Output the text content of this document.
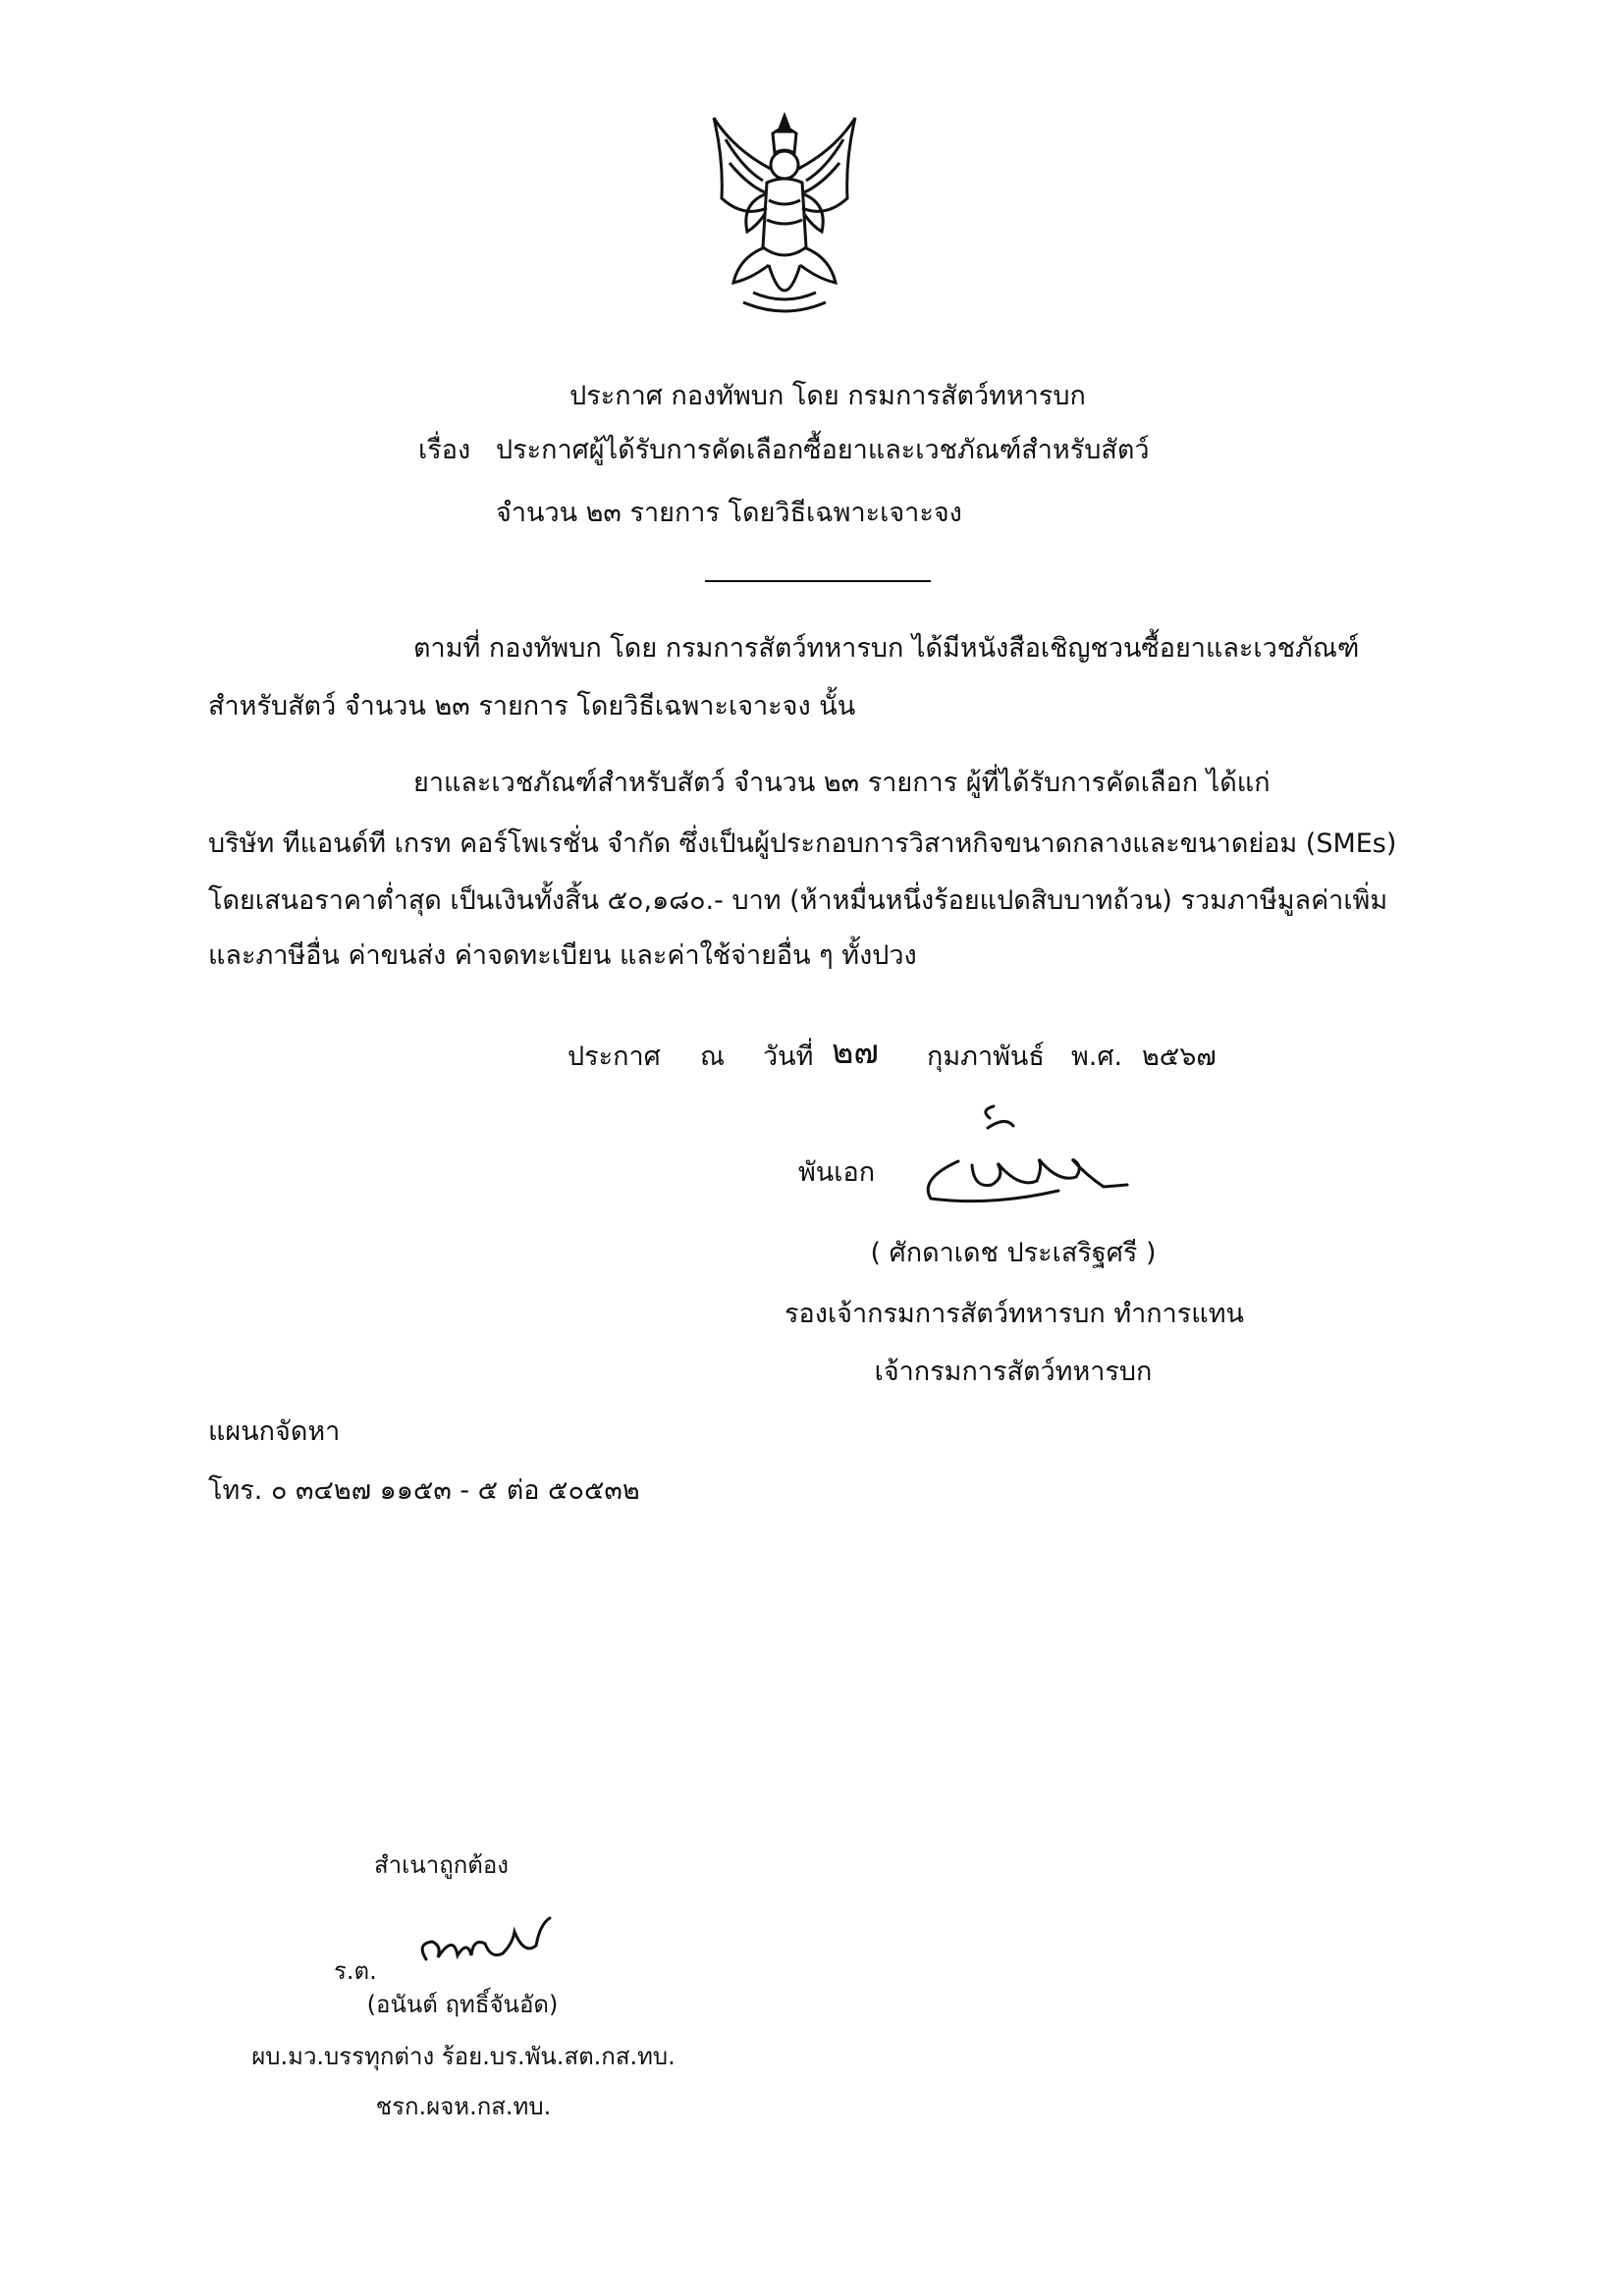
ประกาศ กองทัพบก โดย กรมการสัตว์ทหารบก
เรื่อง ประกาศผู้ได้รับการคัดเลือกซื้อยาและเวชภัณฑ์สำหรับสัตว์
จำนวน ๒๓ รายการ โดยวิธีเฉพาะเจาะจง
ตามที่ กองทัพบก โดย กรมการสัตว์ทหารบก ได้มีหนังสือเชิญชวนซื้อยาและเวชภัณฑ์
สำหรับสัตว์ จำนวน ๒๓ รายการ โดยวิธีเฉพาะเจาะจง นั้น
ยาและเวชภัณฑ์สำหรับสัตว์ จำนวน ๒๓ รายการ ผู้ที่ได้รับการคัดเลือก ได้แก่
บริษัท ทีแอนด์ที เกรท คอร์โพเรชั่น จำกัด ซึ่งเป็นผู้ประกอบการวิสาหกิจขนาดกลางและขนาดย่อม (SMEs)
โดยเสนอราคาต่ำสุด เป็นเงินทั้งสิ้น ๕๐,๑๘๐.- บาท (ห้าหมื่นหนึ่งร้อยแปดสิบบาทถ้วน) รวมภาษีมูลค่าเพิ่ม
และภาษีอื่น ค่าขนส่ง ค่าจดทะเบียน และค่าใช้จ่ายอื่น ๆ ทั้งปวง
ประกาศ ณ วันที่ ๒๗ กุมภาพันธ์ พ.ศ. ๒๕๖๗
พันเอก
( ศักดาเดช ประเสริฐศรี )
รองเจ้ากรมการสัตว์ทหารบก ทำการแทน
เจ้ากรมการสัตว์ทหารบก
แผนกจัดหา
โทร. ๐ ๓๔๒๗ ๑๑๕๓ - ๕ ต่อ ๕๐๕๓๒
สำเนาถูกต้อง
ร.ต.
(อนันต์ ฤทธิ์จันอัด)
ผบ.มว.บรรทุกต่าง ร้อย.บร.พัน.สต.กส.ทบ.
ชรก.ผจห.กส.ทบ.
